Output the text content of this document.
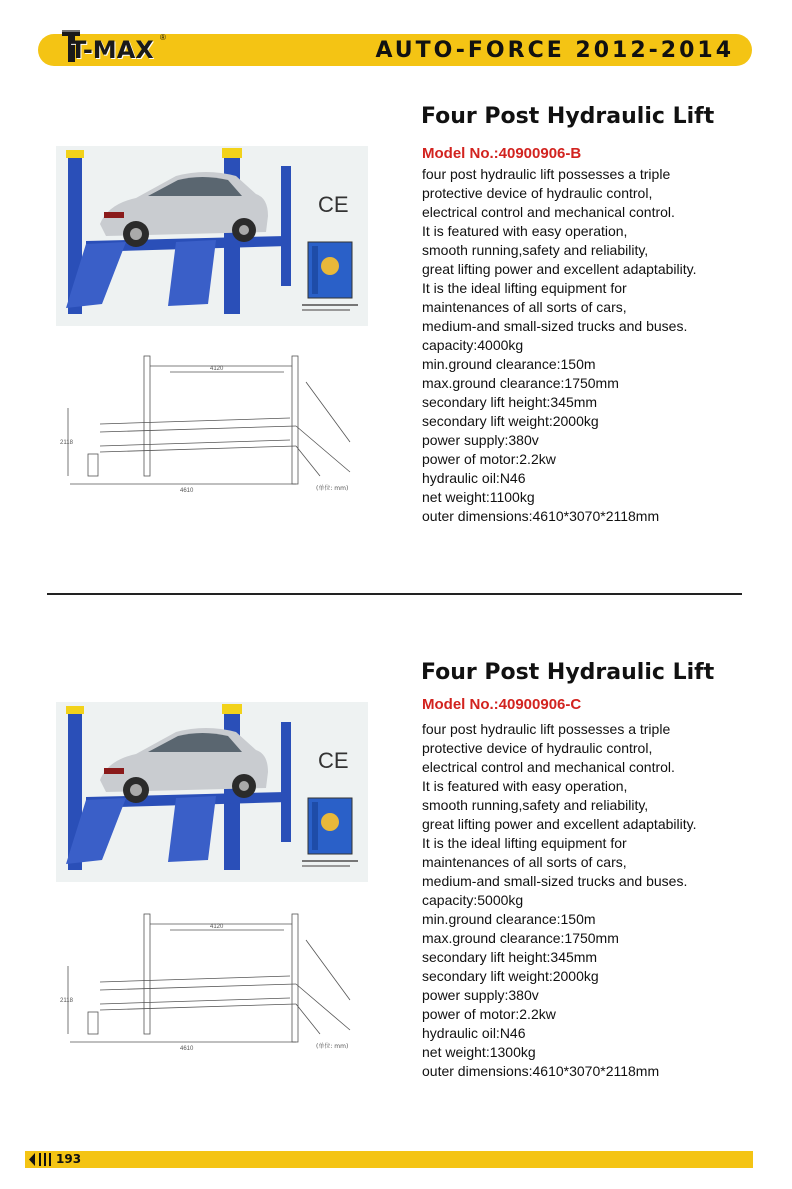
T-MAX ®
AUTO-FORCE 2012-2014
Four Post Hydraulic Lift
Model No.:40900906-B
four post hydraulic lift possesses a triple
protective device of hydraulic control,
electrical control and mechanical control.
It is featured with easy operation,
smooth running,safety and reliability,
great lifting power and excellent adaptability.
It is the ideal lifting equipment for
maintenances of all sorts of cars,
medium-and small-sized trucks and buses.
capacity:4000kg
min.ground clearance:150m
max.ground clearance:1750mm
secondary lift height:345mm
secondary lift weight:2000kg
power supply:380v
power of motor:2.2kw
hydraulic oil:N46
net weight:1100kg
outer dimensions:4610*3070*2118mm
CE
4120
4610
2118
(单位: mm)
Four Post Hydraulic Lift
Model No.:40900906-C
four post hydraulic lift possesses a triple
protective device of hydraulic control,
electrical control and mechanical control.
It is featured with easy operation,
smooth running,safety and reliability,
great lifting power and excellent adaptability.
It is the ideal lifting equipment for
maintenances of all sorts of cars,
medium-and small-sized trucks and buses.
capacity:5000kg
min.ground clearance:150m
max.ground clearance:1750mm
secondary lift height:345mm
secondary lift weight:2000kg
power supply:380v
power of motor:2.2kw
hydraulic oil:N46
net weight:1300kg
outer dimensions:4610*3070*2118mm
CE
4120
4610
2118
(单位: mm)
193
